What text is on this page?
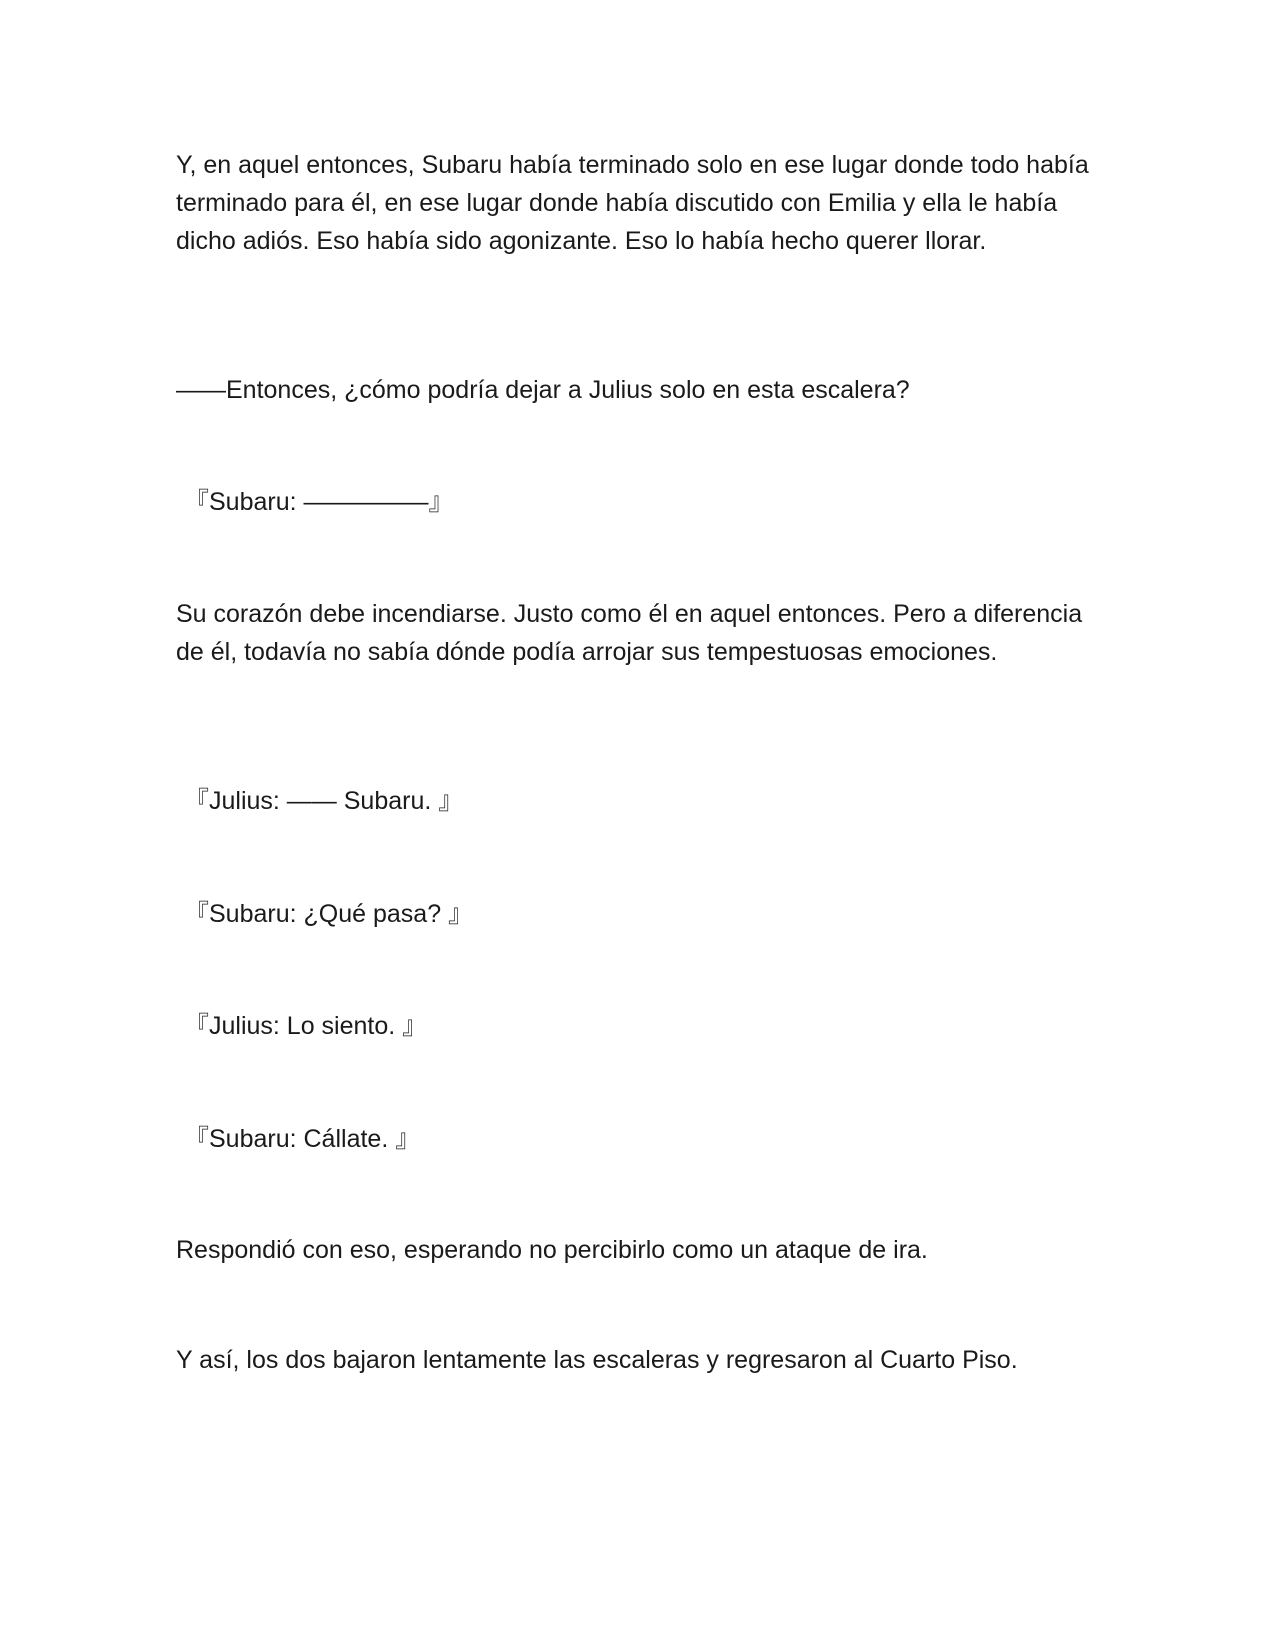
Y, en aquel entonces, Subaru había terminado solo en ese lugar donde todo había terminado para él, en ese lugar donde había discutido con Emilia y ella le había dicho adiós. Eso había sido agonizante. Eso lo había hecho querer llorar.

——Entonces, ¿cómo podría dejar a Julius solo en esta escalera?

『Subaru: —————』

Su corazón debe incendiarse. Justo como él en aquel entonces. Pero a diferencia de él, todavía no sabía dónde podía arrojar sus tempestuosas emociones.

『Julius: —— Subaru. 』

『Subaru: ¿Qué pasa? 』

『Julius: Lo siento. 』

『Subaru: Cállate. 』

Respondió con eso, esperando no percibirlo como un ataque de ira.

Y así, los dos bajaron lentamente las escaleras y regresaron al Cuarto Piso.
